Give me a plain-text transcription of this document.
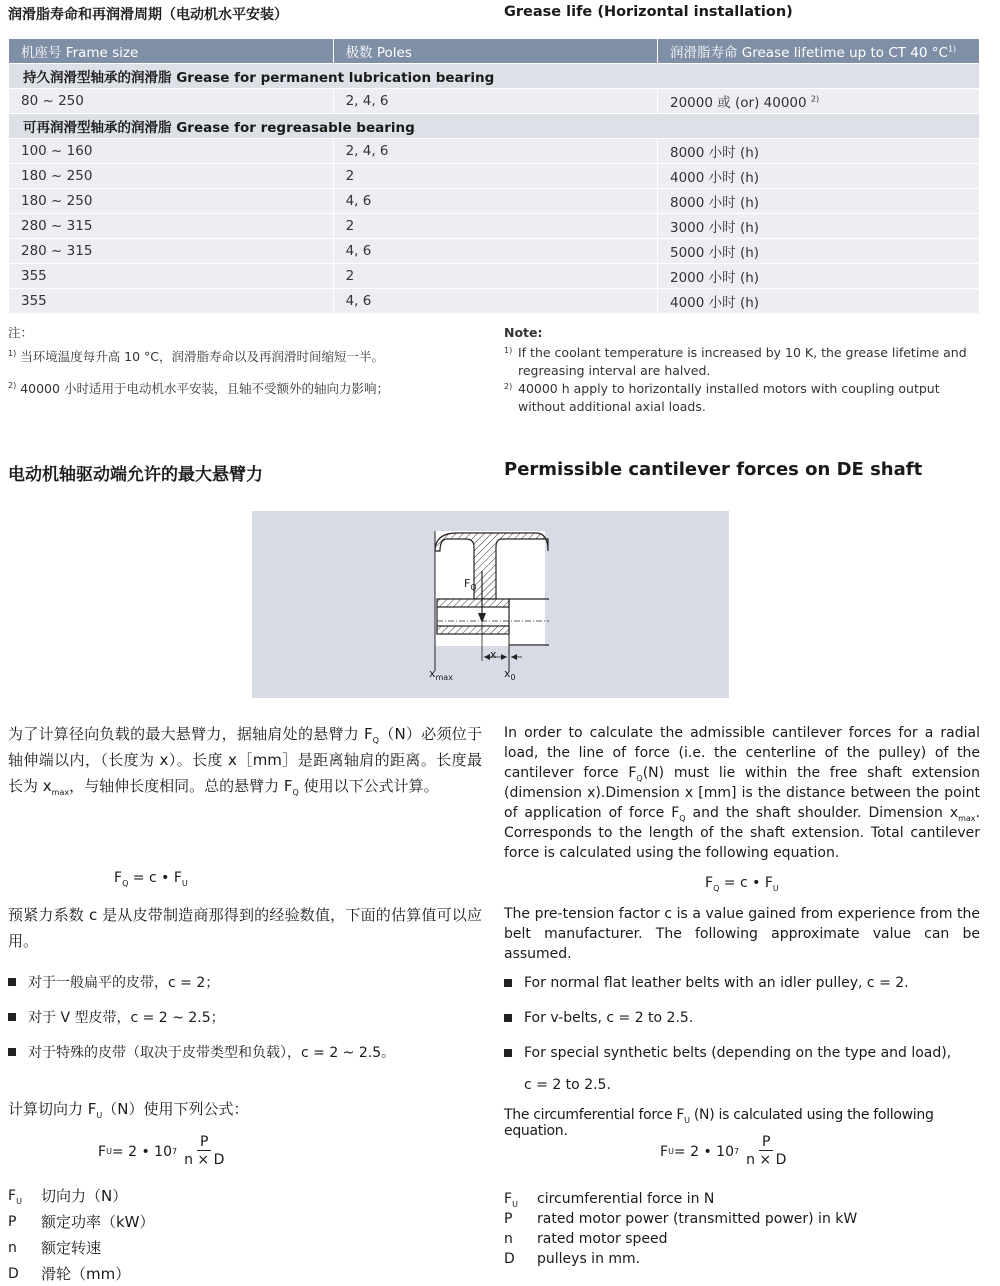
润滑脂寿命和再润滑周期（电动机水平安装）	Grease life (Horizontal installation)
机座号 Frame size	极数 Poles	润滑脂寿命 Grease lifetime up to CT 40 $^\circ C^{1)}$
持久润滑型轴承的润滑脂 Grease for permanent lubrication bearing		
80 ~ 250	2, 4, 6	20000 或 (or) 40000 $^{2)}$
可再润滑型轴承的润滑脂 Grease for regreasable bearing		
100 ~ 160	2, 4, 6	8000 小时 (h)
180 ~ 250	2	4000 小时 (h)
180 ~ 250	4, 6	8000 小时 (h)
280 ~ 315	2	3000 小时 (h)
280 ~ 315	4, 6	5000 小时 (h)
355	2	2000 小时 (h)
355	4, 6	4000 小时 (h)
注：
$^{1)}$ 当环境温度每升高 10 °C，润滑脂寿命以及再润滑时间缩短一半。
$^{2)}$ 40000 小时适用于电动机水平安装，且轴不受额外的轴向力影响；
Note:
1) If the coolant temperature is increased by 10 K, the grease lifetime and regreasing interval are halved.
2) 40000 h apply to horizontally installed motors with coupling output without additional axial loads.
电动机轴驱动端允许的最大悬臂力	Permissible cantilever forces on DE shaft
$F_Q$
x
$x_{max}$	$x_0$
为了计算径向负载的最大悬臂力，据轴肩处的悬臂力 $F_Q(N)$必须位于轴伸端以内，（长度为 x）。长度 x［mm］是距离轴肩的距离。长度最长为 $x_{max}$，与轴伸长度相同。总的悬臂力 $F_Q$ 使用以下公式计算。
In order to calculate the admissible cantilever forces for a radial load, the line of force (i.e. the centerline of the pulley) of the cantilever force $F_Q(N)$ must lie within the free shaft extension (dimension x).Dimension x [mm] is the distance between the point of application of force $F_Q$ and the shaft shoulder. Dimension $x_{max}$. Corresponds to the length of the shaft extension. Total cantilever force is calculated using the following equation.
$F_Q = c$ • $F_U$	$F_Q = c$ • $F_U$
预紧力系数 c 是从皮带制造商那得到的经验数值，下面的估算值可以应用。
The pre-tension factor c is a value gained from experience from the belt manufacturer. The following approximate value can be assumed.
对于一般扁平的皮带，c = 2；
对于 V 型皮带，c = 2 ~ 2.5；
对于特殊的皮带（取决于皮带类型和负载），c = 2 ~ 2.5。
For normal flat leather belts with an idler pulley, c = 2.
For v-belts, c = 2 to 2.5.
For special synthetic belts (depending on the type and load),
c = 2 to 2.5.
计算切向力 $F_U(N)$使用下列公式：	The circumferential force $F_U$ (N) is calculated using the following equation.
F U = 2 • 10 $7 \frac{P}{n \times D}$	F U = 2 • 10 $7 \frac{P}{n \times D}$
$F_U$	切向力（N）
P	额定功率（kW）
n	额定转速
D	滑轮（mm）
$F_U$	circumferential force in N
P	rated motor power (transmitted power) in kW
n	rated motor speed
D	pulleys in mm.
